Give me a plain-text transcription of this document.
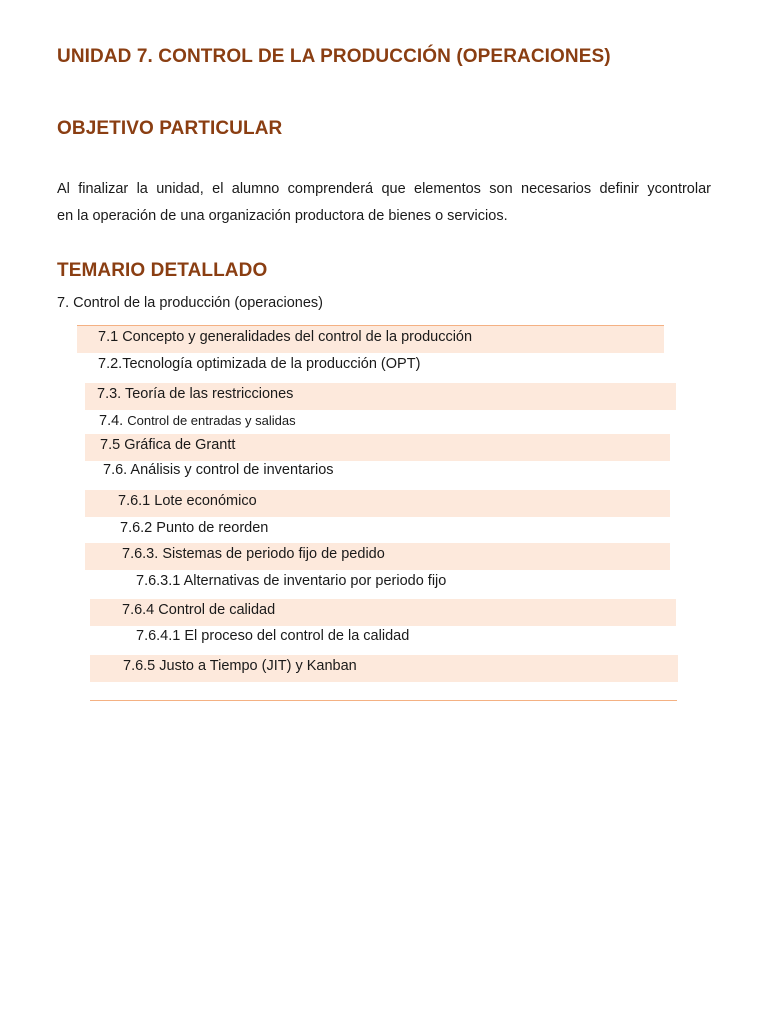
UNIDAD 7. CONTROL DE LA PRODUCCIÓN (OPERACIONES)
OBJETIVO PARTICULAR

Al finalizar la unidad, el alumno comprenderá que elementos son necesarios definir ycontrolar
en la operación de una organización productora de bienes o servicios.

TEMARIO DETALLADO
7. Control de la producción (operaciones)
7.1 Concepto y generalidades del control de la producción
7.2.Tecnología optimizada de la producción (OPT)
7.3. Teoría de las restricciones
7.4. Control de entradas y salidas
7.5 Gráfica de Grantt
7.6. Análisis y control de inventarios
7.6.1 Lote económico
7.6.2 Punto de reorden
7.6.3. Sistemas de periodo fijo de pedido
7.6.3.1 Alternativas de inventario por periodo fijo
7.6.4 Control de calidad
7.6.4.1 El proceso del control de la calidad
7.6.5 Justo a Tiempo (JIT) y Kanban
